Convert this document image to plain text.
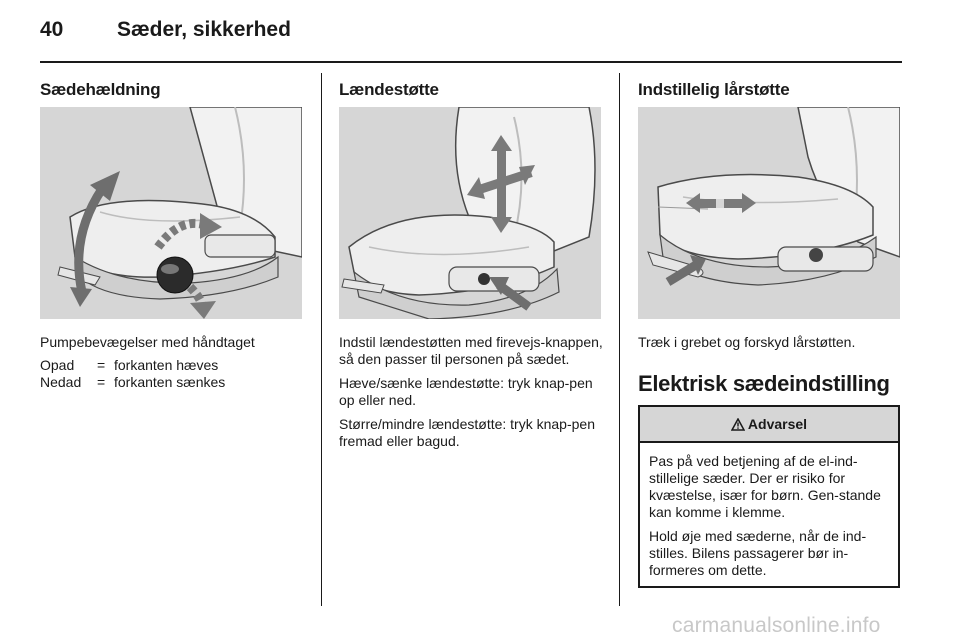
40	Sæder, sikkerhed
Sædehældning
Pumpebevægelser med håndtaget
Opad	= forkanten hæves
Nedad	= forkanten sænkes
Lændestøtte

Indstil lændestøtten med firevejs-knappen, så den passer til personen på sædet.

Hæve/sænke lændestøtte: tryk knap-pen op eller ned.

Større/mindre lændestøtte: tryk knap-pen fremad eller bagud.

Indstillelig lårstøtte
Træk i grebet og forskyd lårstøtten.
Elektrisk sædeindstilling
Advarsel

Pas på ved betjening af de el-ind-stillelige sæder. Der er risiko for kvæstelse, især for børn. Gen-stande kan komme i klemme.

Hold øje med sæderne, når de ind-stilles. Bilens passagerer bør in-formeres om dette.

carmanualsonline.info
